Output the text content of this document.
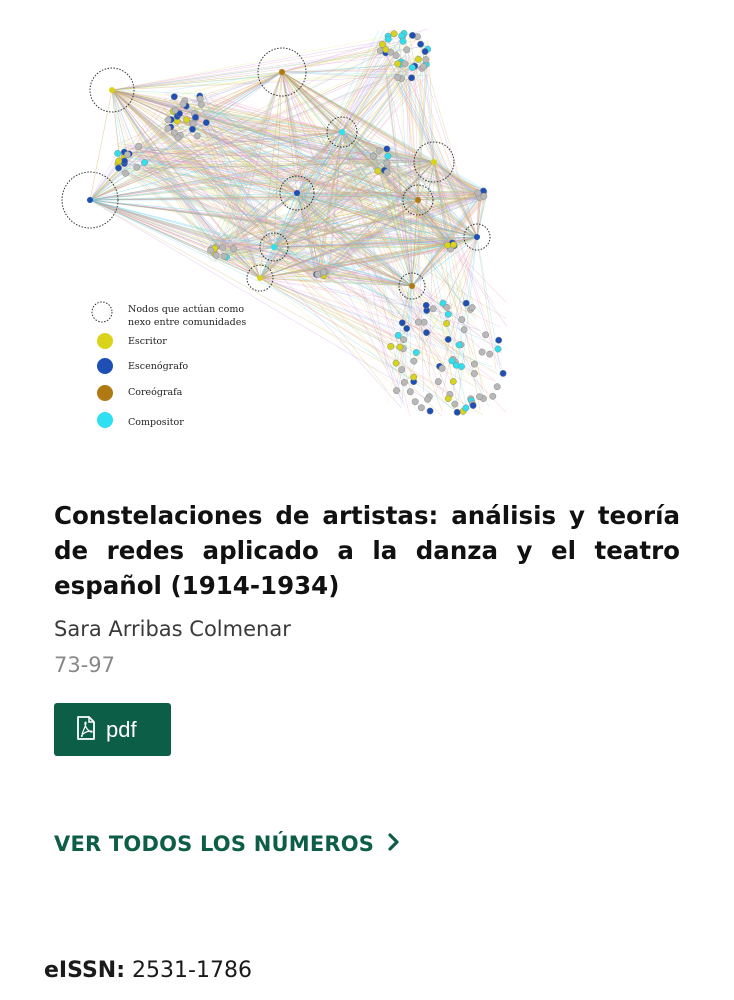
Nodos que actúan como
nexo entre comunidades
Escritor
Escenógrafo
Coreógrafa
Compositor
Constelaciones de artistas: análisis y teoría de redes aplicado a la danza y el teatro español (1914-1934)
Sara Arribas Colmenar
73-97
pdf
VER TODOS LOS NÚMEROS
eISSN: 2531-1786
